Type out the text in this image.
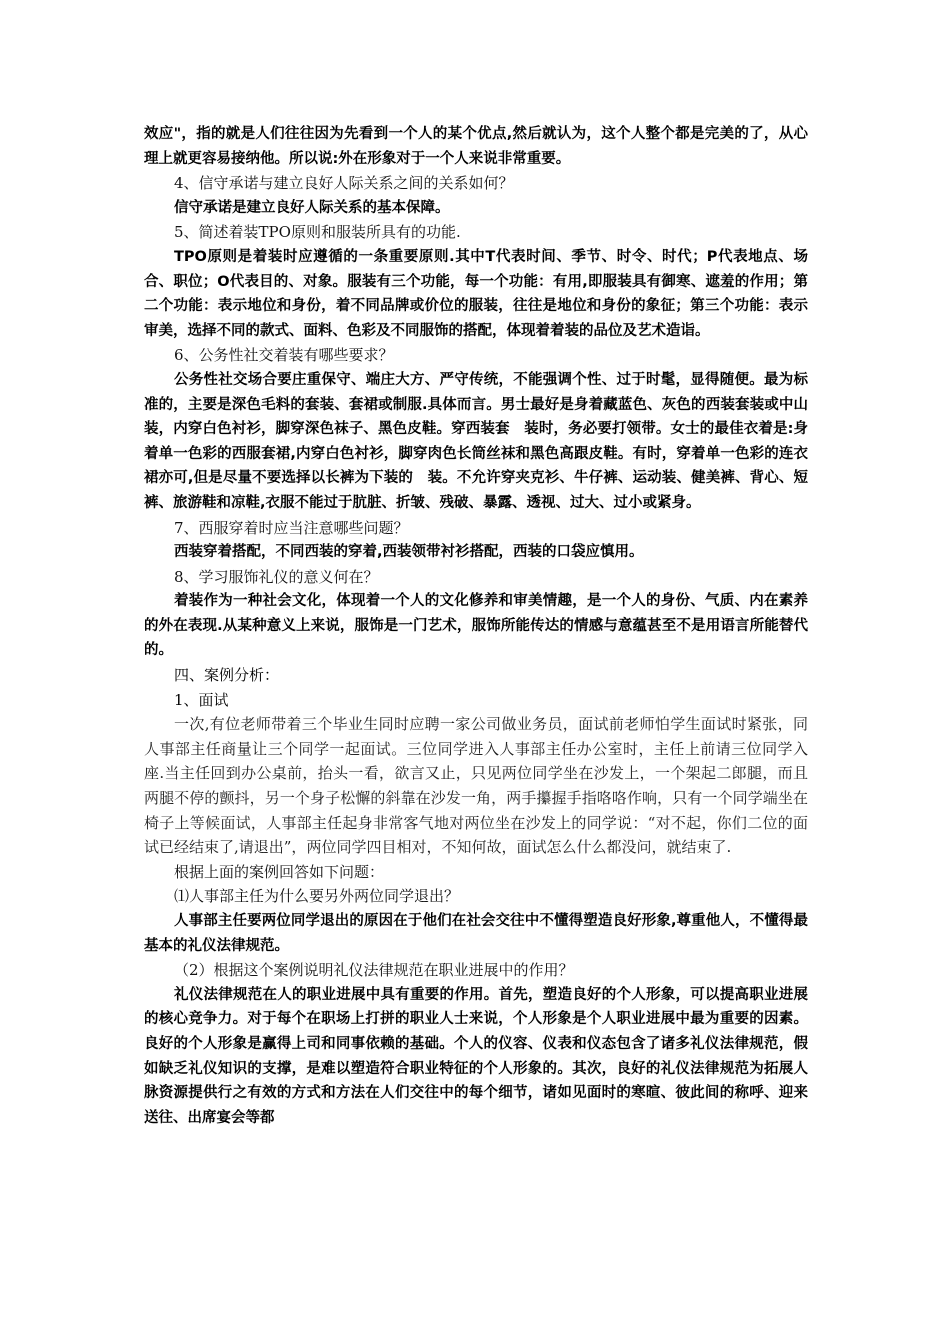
效应"，指的就是人们往往因为先看到一个人的某个优点,然后就认为，这个人整个都是完美的了，从心理上就更容易接纳他。所以说:外在形象对于一个人来说非常重要。

4、信守承诺与建立良好人际关系之间的关系如何？

信守承诺是建立良好人际关系的基本保障。

5、简述着装TPO原则和服装所具有的功能.

TPO原则是着装时应遵循的一条重要原则.其中T代表时间、季节、时令、时代；P代表地点、场合、职位；O代表目的、对象。服装有三个功能，每一个功能：有用,即服装具有御寒、遮羞的作用；第二个功能：表示地位和身份，着不同品牌或价位的服装，往往是地位和身份的象征；第三个功能：表示审美，选择不同的款式、面料、色彩及不同服饰的搭配，体现着着装的品位及艺术造诣。

6、公务性社交着装有哪些要求？

公务性社交场合要庄重保守、端庄大方、严守传统，不能强调个性、过于时髦，显得随便。最为标准的，主要是深色毛料的套装、套裙或制服.具体而言。男士最好是身着藏蓝色、灰色的西装套装或中山装，内穿白色衬衫，脚穿深色袜子、黑色皮鞋。穿西装套　装时，务必要打领带。女士的最佳衣着是:身着单一色彩的西服套裙,内穿白色衬衫，脚穿肉色长筒丝袜和黑色高跟皮鞋。有时，穿着单一色彩的连衣裙亦可,但是尽量不要选择以长裤为下装的　装。不允许穿夹克衫、牛仔裤、运动装、健美裤、背心、短裤、旅游鞋和凉鞋,衣服不能过于肮脏、折皱、残破、暴露、透视、过大、过小或紧身。

7、西服穿着时应当注意哪些问题？

西装穿着搭配，不同西装的穿着,西装领带衬衫搭配，西装的口袋应慎用。

8、学习服饰礼仪的意义何在？

着装作为一种社会文化，体现着一个人的文化修养和审美情趣，是一个人的身份、气质、内在素养的外在表现.从某种意义上来说，服饰是一门艺术，服饰所能传达的情感与意蕴甚至不是用语言所能替代的。

四、案例分析：

1、面试

一次,有位老师带着三个毕业生同时应聘一家公司做业务员，面试前老师怕学生面试时紧张，同人事部主任商量让三个同学一起面试。三位同学进入人事部主任办公室时，主任上前请三位同学入座.当主任回到办公桌前，抬头一看，欲言又止，只见两位同学坐在沙发上，一个架起二郎腿，而且两腿不停的颤抖，另一个身子松懈的斜靠在沙发一角，两手攥握手指咯咯作响，只有一个同学端坐在椅子上等候面试，人事部主任起身非常客气地对两位坐在沙发上的同学说：“对不起，你们二位的面试已经结束了,请退出”，两位同学四目相对，不知何故，面试怎么什么都没问，就结束了.

根据上面的案例回答如下问题：

⑴人事部主任为什么要另外两位同学退出？

人事部主任要两位同学退出的原因在于他们在社会交往中不懂得塑造良好形象,尊重他人，不懂得最基本的礼仪法律规范。

（2）根据这个案例说明礼仪法律规范在职业进展中的作用？

礼仪法律规范在人的职业进展中具有重要的作用。首先，塑造良好的个人形象，可以提高职业进展的核心竞争力。对于每个在职场上打拼的职业人士来说，个人形象是个人职业进展中最为重要的因素。良好的个人形象是赢得上司和同事依赖的基础。个人的仪容、仪表和仪态包含了诸多礼仪法律规范，假如缺乏礼仪知识的支撑，是难以塑造符合职业特征的个人形象的。其次，良好的礼仪法律规范为拓展人脉资源提供行之有效的方式和方法在人们交往中的每个细节，诸如见面时的寒暄、彼此间的称呼、迎来送往、出席宴会等都
